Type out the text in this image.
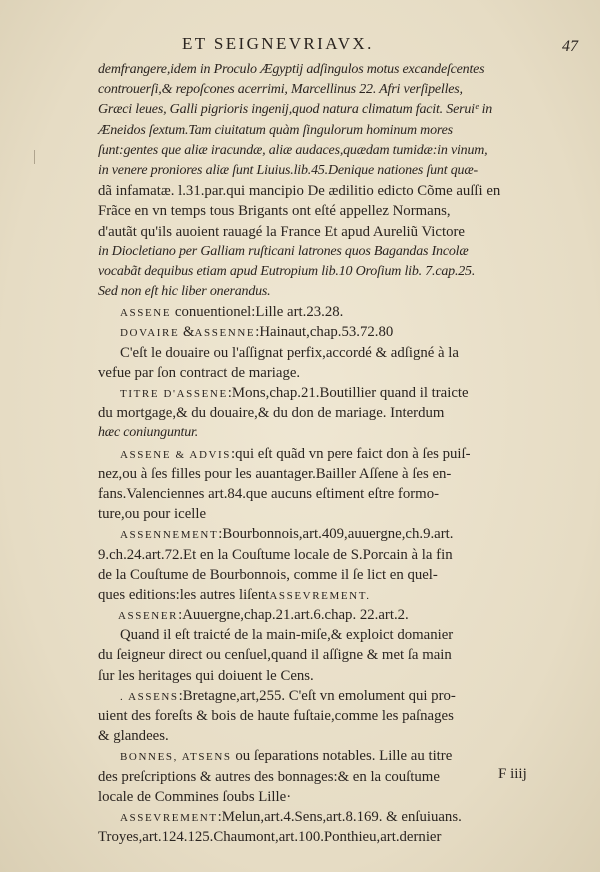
ET SEIGNEVRIAVX.	47
demfrangere,idem in Proculo Ægyptij adſingulos motus excandeſcentes
controuerſi,& repoſcones acerrimi, Marcellinus 22. Afri verſipelles,
Græci leues, Galli pigrioris ingenij,quod natura climatum facit. Seruiᵉ in
Æneidos ſextum.Tam ciuitatum quàm ſingulorum hominum mores
ſunt:gentes que aliæ iracundæ, aliæ audaces,quædam tumidæ:in vinum,
in venere proniores aliæ ſunt Liuius.lib.45.Denique nationes ſunt quæ-
dã infamatæ. l.31.par.qui mancipio De ædilitio edicto Cõme auſſi en
Frãce en vn temps tous Brigants ont eſté appellez Normans,
d'autãt qu'ils auoient rauagé la France Et apud Aureliũ Victore
in Diocletiano per Galliam ruſticani latrones quos Bagandas Incolæ
vocabãt dequibus etiam apud Eutropium lib.10 Oroſium lib. 7.cap.25.
Sed non eſt hic liber onerandus.
ASSENE conuentionel:Lille art.23.28.
DOVAIRE &ASSENNE:Hainaut,chap.53.72.80
C'eſt le douaire ou l'aſſignat perfix,accordé & adſigné à la
vefue par ſon contract de mariage.
TITRE D'ASSENE:Mons,chap.21.Boutillier quand il traicte
du mortgage,& du douaire,& du don de mariage. Interdum
hæc coniunguntur.
ASSENE & ADVIS:qui eſt quãd vn pere faict don à ſes puiſ-
nez,ou à ſes filles pour les auantager.Bailler Aſſene à ſes en-
fans.Valenciennes art.84.que aucuns eſtiment eſtre formo-
ture,ou pour icelle
ASSENNEMENT:Bourbonnois,art.409,auuergne,ch.9.art.
9.ch.24.art.72.Et en la Couſtume locale de S.Porcain à la fin
de la Couſtume de Bourbonnois, comme il ſe lict en quel-
ques editions:les autres liſentASSEVREMENT.
ASSENER:Auuergne,chap.21.art.6.chap. 22.art.2.
Quand il eſt traicté de la main-miſe,& exploict domanier
du ſeigneur direct ou cenſuel,quand il aſſigne & met ſa main
ſur les heritages qui doiuent le Cens.
. ASSENS:Bretagne,art,255. C'eſt vn emolument qui pro-
uient des foreſts & bois de haute fuſtaie,comme les paſnages
& glandees.
BONNES, ATSENS ou ſeparations notables. Lille au titre
des preſcriptions & autres des bonnages:& en la couſtume
locale de Commines ſoubs Lille·
ASSEVREMENT:Melun,art.4.Sens,art.8.169. & enſuiuans.
Troyes,art.124.125.Chaumont,art.100.Ponthieu,art.dernier
F iiij
